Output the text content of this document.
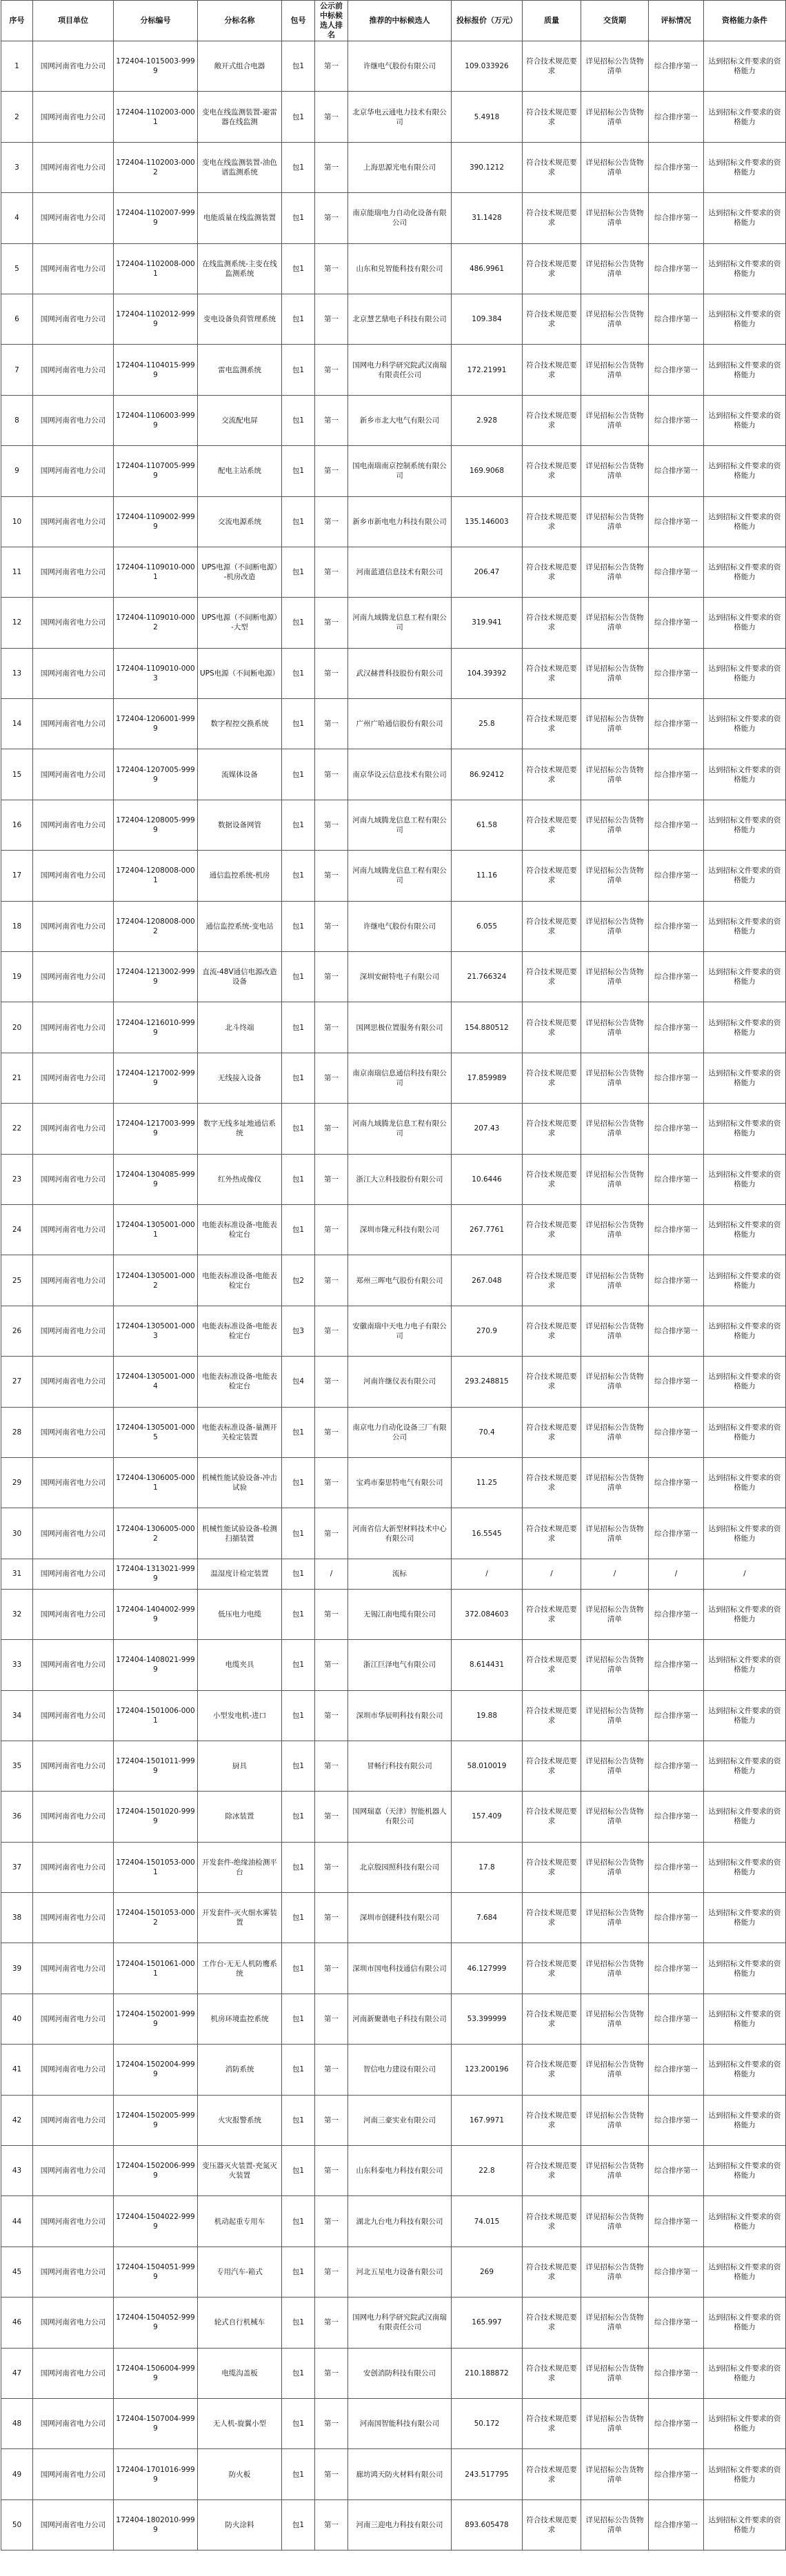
序号	项目单位	分标编号	分标名称	包号	公示前中标候选人排名	推荐的中标候选人	投标报价（万元）	质量	交货期	评标情况	资格能力条件
1	国网河南省电力公司	172404-1015003-9999	敞开式组合电器	包1	第一	许继电气股份有限公司	109.033926	符合技术规范要求	详见招标公告货物清单	综合排序第一	达到招标文件要求的资格能力
2	国网河南省电力公司	172404-1102003-0001	变电在线监测装置-避雷器在线监测	包1	第一	北京华电云通电力技术有限公司	5.4918	符合技术规范要求	详见招标公告货物清单	综合排序第一	达到招标文件要求的资格能力
3	国网河南省电力公司	172404-1102003-0002	变电在线监测装置-油色谱监测系统	包1	第一	上海思源光电有限公司	390.1212	符合技术规范要求	详见招标公告货物清单	综合排序第一	达到招标文件要求的资格能力
4	国网河南省电力公司	172404-1102007-9999	电能质量在线监测装置	包1	第一	南京能瑞电力自动化设备有限公司	31.1428	符合技术规范要求	详见招标公告货物清单	综合排序第一	达到招标文件要求的资格能力
5	国网河南省电力公司	172404-1102008-0001	在线监测系统-主变在线监测系统	包1	第一	山东和兑智能科技有限公司	486.9961	符合技术规范要求	详见招标公告货物清单	综合排序第一	达到招标文件要求的资格能力
6	国网河南省电力公司	172404-1102012-9999	变电设备负荷管理系统	包1	第一	北京慧艺鼎电子科技有限公司	109.384	符合技术规范要求	详见招标公告货物清单	综合排序第一	达到招标文件要求的资格能力
7	国网河南省电力公司	172404-1104015-9999	雷电监测系统	包1	第一	国网电力科学研究院武汉南瑞有限责任公司	172.21991	符合技术规范要求	详见招标公告货物清单	综合排序第一	达到招标文件要求的资格能力
8	国网河南省电力公司	172404-1106003-9999	交流配电屏	包1	第一	新乡市北大电气有限公司	2.928	符合技术规范要求	详见招标公告货物清单	综合排序第一	达到招标文件要求的资格能力
9	国网河南省电力公司	172404-1107005-9999	配电主站系统	包1	第一	国电南瑞南京控制系统有限公司	169.9068	符合技术规范要求	详见招标公告货物清单	综合排序第一	达到招标文件要求的资格能力
10	国网河南省电力公司	172404-1109002-9999	交流电源系统	包1	第一	新乡市新电电力科技有限公司	135.146003	符合技术规范要求	详见招标公告货物清单	综合排序第一	达到招标文件要求的资格能力
11	国网河南省电力公司	172404-1109010-0001	UPS电源（不间断电源）-机房改造	包1	第一	河南蓝道信息技术有限公司	206.47	符合技术规范要求	详见招标公告货物清单	综合排序第一	达到招标文件要求的资格能力
12	国网河南省电力公司	172404-1109010-0002	UPS电源（不间断电源）-大型	包1	第一	河南九域腾龙信息工程有限公司	319.941	符合技术规范要求	详见招标公告货物清单	综合排序第一	达到招标文件要求的资格能力
13	国网河南省电力公司	172404-1109010-0003	UPS电源（不间断电源）	包1	第一	武汉赫普科技股份有限公司	104.39392	符合技术规范要求	详见招标公告货物清单	综合排序第一	达到招标文件要求的资格能力
14	国网河南省电力公司	172404-1206001-9999	数字程控交换系统	包1	第一	广州广哈通信股份有限公司	25.8	符合技术规范要求	详见招标公告货物清单	综合排序第一	达到招标文件要求的资格能力
15	国网河南省电力公司	172404-1207005-9999	流媒体设备	包1	第一	南京华设云信息技术有限公司	86.92412	符合技术规范要求	详见招标公告货物清单	综合排序第一	达到招标文件要求的资格能力
16	国网河南省电力公司	172404-1208005-9999	数据设备网管	包1	第一	河南九域腾龙信息工程有限公司	61.58	符合技术规范要求	详见招标公告货物清单	综合排序第一	达到招标文件要求的资格能力
17	国网河南省电力公司	172404-1208008-0001	通信监控系统-机房	包1	第一	河南九域腾龙信息工程有限公司	11.16	符合技术规范要求	详见招标公告货物清单	综合排序第一	达到招标文件要求的资格能力
18	国网河南省电力公司	172404-1208008-0002	通信监控系统-变电站	包1	第一	许继电气股份有限公司	6.055	符合技术规范要求	详见招标公告货物清单	综合排序第一	达到招标文件要求的资格能力
19	国网河南省电力公司	172404-1213002-9999	直流-48V通信电源改造设备	包1	第一	深圳安耐特电子有限公司	21.766324	符合技术规范要求	详见招标公告货物清单	综合排序第一	达到招标文件要求的资格能力
20	国网河南省电力公司	172404-1216010-9999	北斗终端	包1	第一	国网思极位置服务有限公司	154.880512	符合技术规范要求	详见招标公告货物清单	综合排序第一	达到招标文件要求的资格能力
21	国网河南省电力公司	172404-1217002-9999	无线接入设备	包1	第一	南京南瑞信息通信科技有限公司	17.859989	符合技术规范要求	详见招标公告货物清单	综合排序第一	达到招标文件要求的资格能力
22	国网河南省电力公司	172404-1217003-9999	数字无线多址地通信系统	包1	第一	河南九域腾龙信息工程有限公司	207.43	符合技术规范要求	详见招标公告货物清单	综合排序第一	达到招标文件要求的资格能力
23	国网河南省电力公司	172404-1304085-9999	红外热成像仪	包1	第一	浙江大立科技股份有限公司	10.6446	符合技术规范要求	详见招标公告货物清单	综合排序第一	达到招标文件要求的资格能力
24	国网河南省电力公司	172404-1305001-0001	电能表标准设备-电能表检定台	包1	第一	深圳市隆元科技有限公司	267.7761	符合技术规范要求	详见招标公告货物清单	综合排序第一	达到招标文件要求的资格能力
25	国网河南省电力公司	172404-1305001-0002	电能表标准设备-电能表检定台	包2	第一	郑州三晖电气股份有限公司	267.048	符合技术规范要求	详见招标公告货物清单	综合排序第一	达到招标文件要求的资格能力
26	国网河南省电力公司	172404-1305001-0003	电能表标准设备-电能表检定台	包3	第一	安徽南瑞中天电力电子有限公司	270.9	符合技术规范要求	详见招标公告货物清单	综合排序第一	达到招标文件要求的资格能力
27	国网河南省电力公司	172404-1305001-0004	电能表标准设备-电能表检定台	包4	第一	河南许继仪表有限公司	293.248815	符合技术规范要求	详见招标公告货物清单	综合排序第一	达到招标文件要求的资格能力
28	国网河南省电力公司	172404-1305001-0005	电能表标准设备-量测开关检定装置	包1	第一	南京电力自动化设备三厂有限公司	70.4	符合技术规范要求	详见招标公告货物清单	综合排序第一	达到招标文件要求的资格能力
29	国网河南省电力公司	172404-1306005-0001	机械性能试验设备-冲击试验	包1	第一	宝鸡市秦思特电气有限公司	11.25	符合技术规范要求	详见招标公告货物清单	综合排序第一	达到招标文件要求的资格能力
30	国网河南省电力公司	172404-1306005-0002	机械性能试验设备-检测扫描装置	包1	第一	河南省信大新型材料技术中心有限公司	16.5545	符合技术规范要求	详见招标公告货物清单	综合排序第一	达到招标文件要求的资格能力
31	国网河南省电力公司	172404-1313021-9999	温湿度计检定装置	包1	/	流标	/	/	/	/	/
32	国网河南省电力公司	172404-1404002-9999	低压电力电缆	包1	第一	无锡江南电缆有限公司	372.084603	符合技术规范要求	详见招标公告货物清单	综合排序第一	达到招标文件要求的资格能力
33	国网河南省电力公司	172404-1408021-9999	电缆夹具	包1	第一	浙江巨泽电气有限公司	8.614431	符合技术规范要求	详见招标公告货物清单	综合排序第一	达到招标文件要求的资格能力
34	国网河南省电力公司	172404-1501006-0001	小型发电机-进口	包1	第一	深圳市华辰明科技有限公司	19.88	符合技术规范要求	详见招标公告货物清单	综合排序第一	达到招标文件要求的资格能力
35	国网河南省电力公司	172404-1501011-9999	厨具	包1	第一	冒畅行科技有限公司	58.010019	符合技术规范要求	详见招标公告货物清单	综合排序第一	达到招标文件要求的资格能力
36	国网河南省电力公司	172404-1501020-9999	除冰装置	包1	第一	国网瑞嘉（天津）智能机器人有限公司	157.409	符合技术规范要求	详见招标公告货物清单	综合排序第一	达到招标文件要求的资格能力
37	国网河南省电力公司	172404-1501053-0001	开发套件-绝缘油检测平台	包1	第一	北京殷园照科技有限公司	17.8	符合技术规范要求	详见招标公告货物清单	综合排序第一	达到招标文件要求的资格能力
38	国网河南省电力公司	172404-1501053-0002	开发套件-灭火细水雾装置	包1	第一	深圳市创捷科技有限公司	7.684	符合技术规范要求	详见招标公告货物清单	综合排序第一	达到招标文件要求的资格能力
39	国网河南省电力公司	172404-1501061-0001	工作台-无无人机防鹰系统	包1	第一	深圳市国电科技通信有限公司	46.127999	符合技术规范要求	详见招标公告货物清单	综合排序第一	达到招标文件要求的资格能力
40	国网河南省电力公司	172404-1502001-9999	机房环境监控系统	包1	第一	河南新聚谐电子科技有限公司	53.399999	符合技术规范要求	详见招标公告货物清单	综合排序第一	达到招标文件要求的资格能力
41	国网河南省电力公司	172404-1502004-9999	消防系统	包1	第一	智信电力建设有限公司	123.200196	符合技术规范要求	详见招标公告货物清单	综合排序第一	达到招标文件要求的资格能力
42	国网河南省电力公司	172404-1502005-9999	火灾报警系统	包1	第一	河南三豪实业有限公司	167.9971	符合技术规范要求	详见招标公告货物清单	综合排序第一	达到招标文件要求的资格能力
43	国网河南省电力公司	172404-1502006-9999	变压器灭火装置-充氮灭火装置	包1	第一	山东科泰电力科技有限公司	22.8	符合技术规范要求	详见招标公告货物清单	综合排序第一	达到招标文件要求的资格能力
44	国网河南省电力公司	172404-1504022-9999	机动起重专用车	包1	第一	湖北九台电力科技有限公司	74.015	符合技术规范要求	详见招标公告货物清单	综合排序第一	达到招标文件要求的资格能力
45	国网河南省电力公司	172404-1504051-9999	专用汽车-箱式	包1	第一	河北五星电力设备有限公司	269	符合技术规范要求	详见招标公告货物清单	综合排序第一	达到招标文件要求的资格能力
46	国网河南省电力公司	172404-1504052-9999	轮式自行机械车	包1	第一	国网电力科学研究院武汉南瑞有限责任公司	165.997	符合技术规范要求	详见招标公告货物清单	综合排序第一	达到招标文件要求的资格能力
47	国网河南省电力公司	172404-1506004-9999	电缆沟盖板	包1	第一	安创消防科技有限公司	210.188872	符合技术规范要求	详见招标公告货物清单	综合排序第一	达到招标文件要求的资格能力
48	国网河南省电力公司	172404-1507004-9999	无人机-旋翼小型	包1	第一	河南国智能科技有限公司	50.172	符合技术规范要求	详见招标公告货物清单	综合排序第一	达到招标文件要求的资格能力
49	国网河南省电力公司	172404-1701016-9999	防火板	包1	第一	廊坊鸿天防火材料有限公司	243.517795	符合技术规范要求	详见招标公告货物清单	综合排序第一	达到招标文件要求的资格能力
50	国网河南省电力公司	172404-1802010-9999	防火涂料	包1	第一	河南三迎电力科技有限公司	893.605478	符合技术规范要求	详见招标公告货物清单	综合排序第一	达到招标文件要求的资格能力
